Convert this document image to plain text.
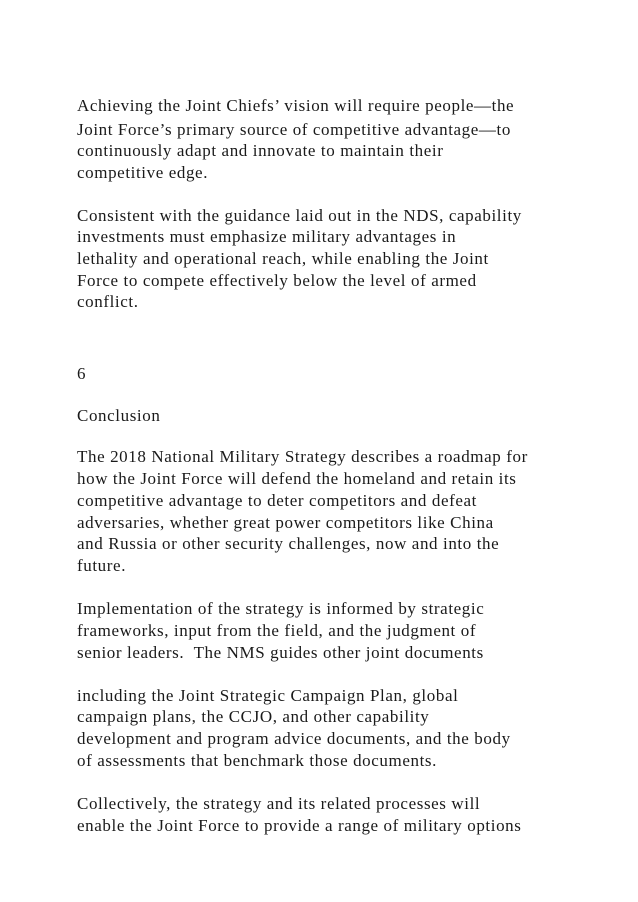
Achieving the Joint Chiefs’ vision will require people—the
Joint Force’s primary source of competitive advantage—to
continuously adapt and innovate to maintain their
competitive edge.
Consistent with the guidance laid out in the NDS, capability
investments must emphasize military advantages in
lethality and operational reach, while enabling the Joint
Force to compete effectively below the level of armed
conflict.
6
Conclusion
The 2018 National Military Strategy describes a roadmap for
how the Joint Force will defend the homeland and retain its
competitive advantage to deter competitors and defeat
adversaries, whether great power competitors like China
and Russia or other security challenges, now and into the
future.
Implementation of the strategy is informed by strategic
frameworks, input from the field, and the judgment of
senior leaders.  The NMS guides other joint documents
including the Joint Strategic Campaign Plan, global
campaign plans, the CCJO, and other capability
development and program advice documents, and the body
of assessments that benchmark those documents.
Collectively, the strategy and its related processes will
enable the Joint Force to provide a range of military options
